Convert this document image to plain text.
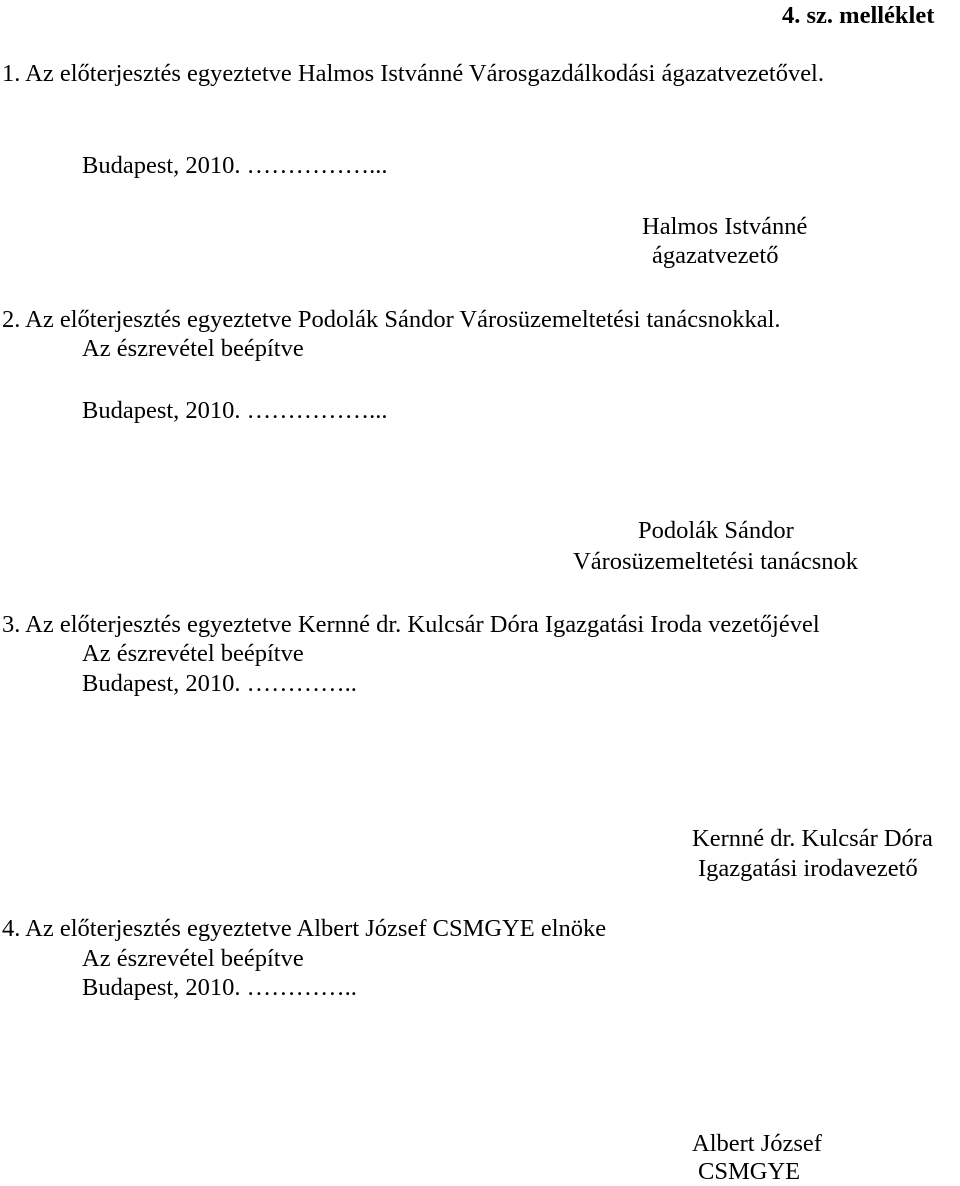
4. sz. melléklet
1. Az előterjesztés egyeztetve Halmos Istvánné Városgazdálkodási ágazatvezetővel.
Budapest, 2010. ……………...
Halmos Istvánné
ágazatvezető
2. Az előterjesztés egyeztetve Podolák Sándor Városüzemeltetési tanácsnokkal.
Az észrevétel beépítve
Budapest, 2010. ……………...
Podolák Sándor
Városüzemeltetési tanácsnok
3. Az előterjesztés egyeztetve Kernné dr. Kulcsár Dóra Igazgatási Iroda vezetőjével
Az észrevétel beépítve
Budapest, 2010. …………..
Kernné dr. Kulcsár Dóra
Igazgatási irodavezető
4. Az előterjesztés egyeztetve Albert József CSMGYE elnöke
Az észrevétel beépítve
Budapest, 2010. …………..
Albert József
CSMGYE
